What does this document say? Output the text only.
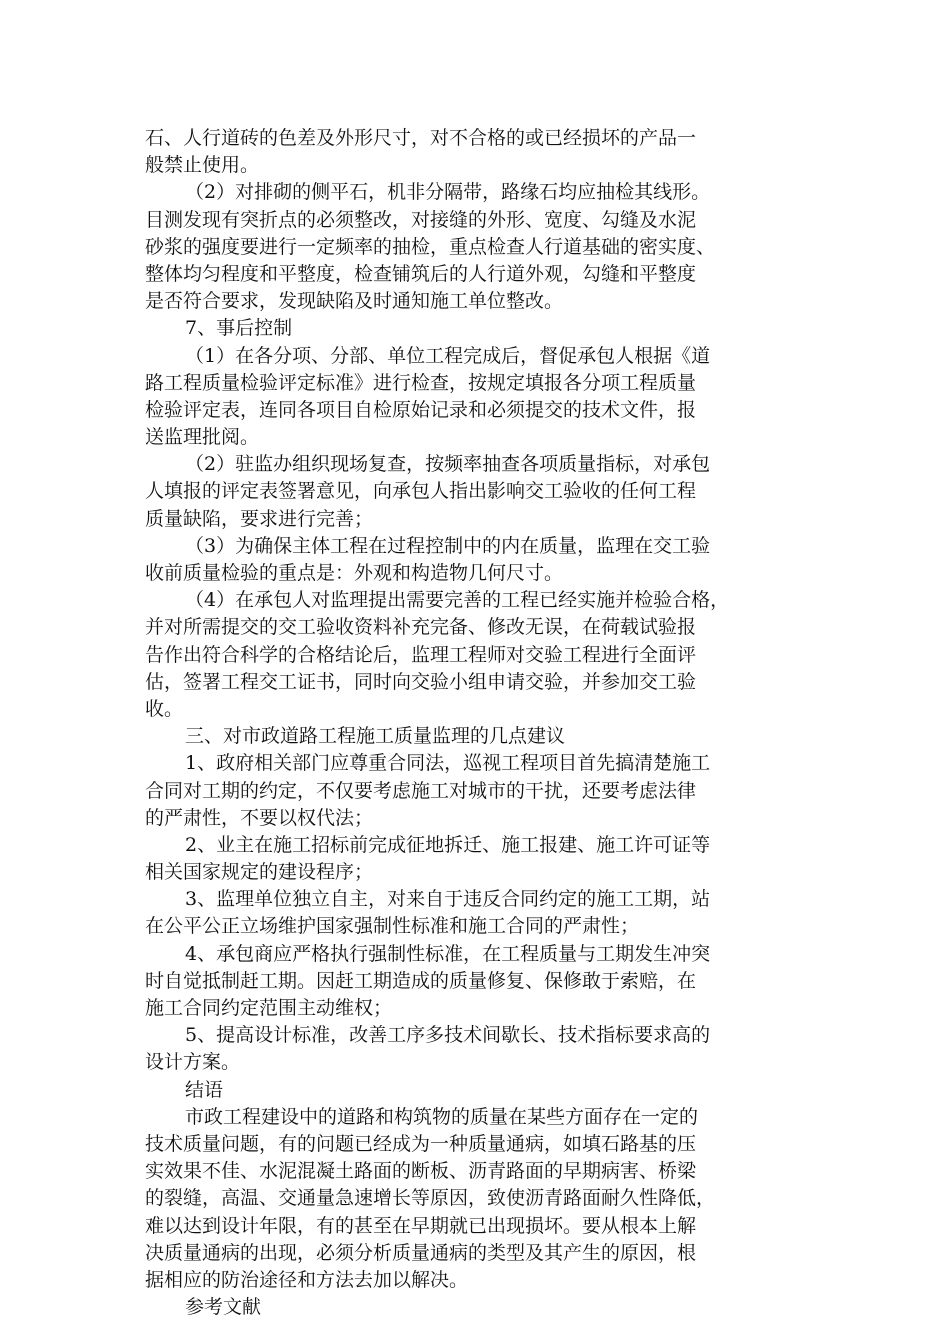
石、人行道砖的色差及外形尺寸，对不合格的或已经损坏的产品一
般禁止使用。
（2）对排砌的侧平石，机非分隔带，路缘石均应抽检其线形。
目测发现有突折点的必须整改，对接缝的外形、宽度、勾缝及水泥
砂浆的强度要进行一定频率的抽检，重点检查人行道基础的密实度、
整体均匀程度和平整度，检查铺筑后的人行道外观，勾缝和平整度
是否符合要求，发现缺陷及时通知施工单位整改。
7、事后控制
（1）在各分项、分部、单位工程完成后，督促承包人根据《道
路工程质量检验评定标准》进行检查，按规定填报各分项工程质量
检验评定表，连同各项目自检原始记录和必须提交的技术文件，报
送监理批阅。
（2）驻监办组织现场复查，按频率抽查各项质量指标，对承包
人填报的评定表签署意见，向承包人指出影响交工验收的任何工程
质量缺陷，要求进行完善；
（3）为确保主体工程在过程控制中的内在质量，监理在交工验
收前质量检验的重点是：外观和构造物几何尺寸。
（4）在承包人对监理提出需要完善的工程已经实施并检验合格，
并对所需提交的交工验收资料补充完备、修改无误，在荷载试验报
告作出符合科学的合格结论后，监理工程师对交验工程进行全面评
估，签署工程交工证书，同时向交验小组申请交验，并参加交工验
收。
三、对市政道路工程施工质量监理的几点建议
1、政府相关部门应尊重合同法，巡视工程项目首先搞清楚施工
合同对工期的约定，不仅要考虑施工对城市的干扰，还要考虑法律
的严肃性，不要以权代法；
2、业主在施工招标前完成征地拆迁、施工报建、施工许可证等
相关国家规定的建设程序；
3、监理单位独立自主，对来自于违反合同约定的施工工期，站
在公平公正立场维护国家强制性标准和施工合同的严肃性；
4、承包商应严格执行强制性标准，在工程质量与工期发生冲突
时自觉抵制赶工期。因赶工期造成的质量修复、保修敢于索赔，在
施工合同约定范围主动维权；
5、提高设计标准，改善工序多技术间歇长、技术指标要求高的
设计方案。
结语
市政工程建设中的道路和构筑物的质量在某些方面存在一定的
技术质量问题，有的问题已经成为一种质量通病，如填石路基的压
实效果不佳、水泥混凝土路面的断板、沥青路面的早期病害、桥梁
的裂缝，高温、交通量急速增长等原因，致使沥青路面耐久性降低，
难以达到设计年限，有的甚至在早期就已出现损坏。要从根本上解
决质量通病的出现，必须分析质量通病的类型及其产生的原因，根
据相应的防治途径和方法去加以解决。
参考文献
